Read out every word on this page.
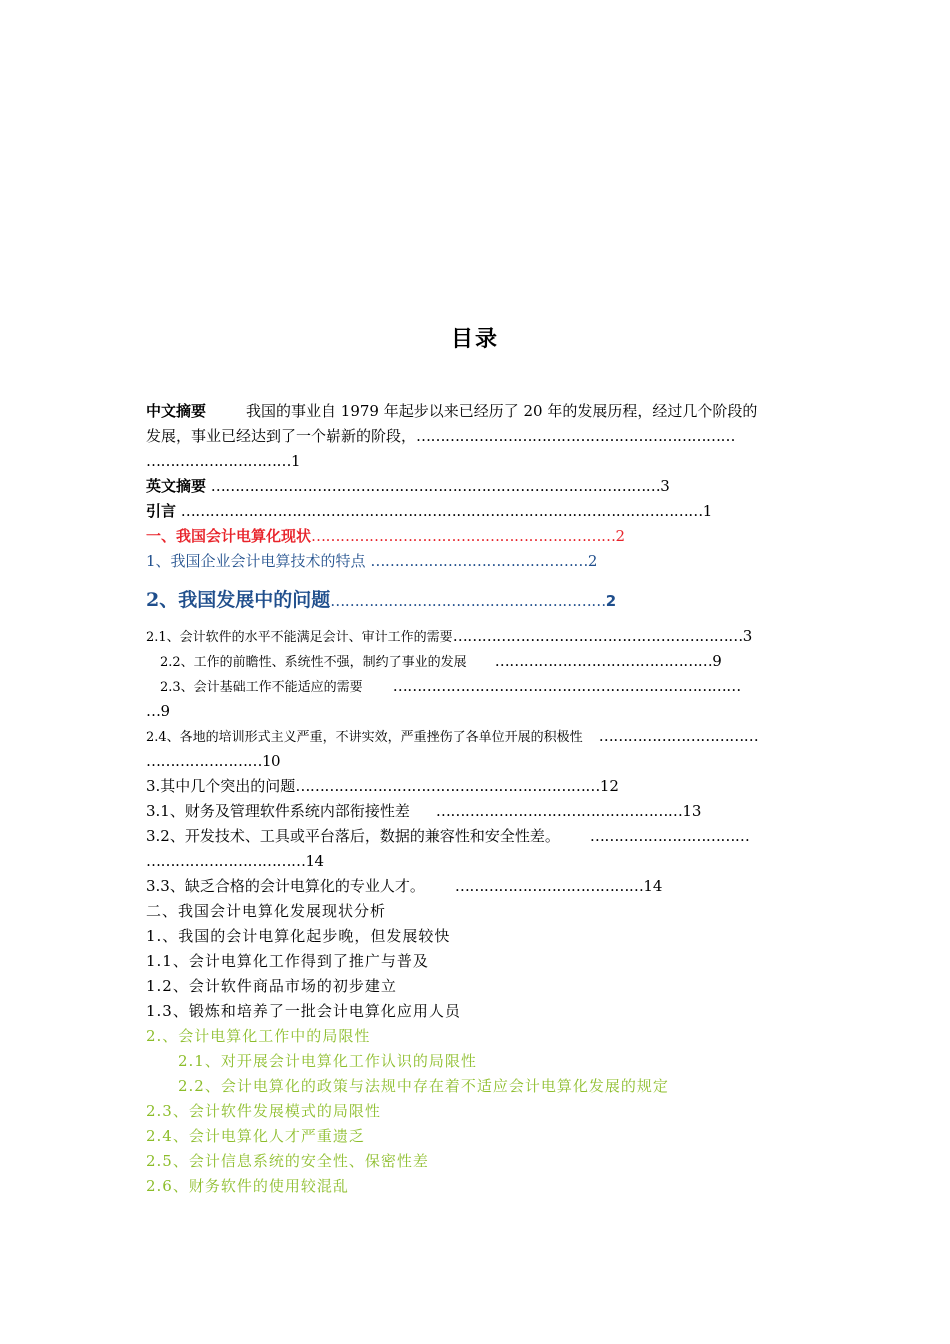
目录
中文摘要	我国的事业自 1979 年起步以来已经历了 20 年的发展历程，经过几个阶段的
发展，事业已经达到了一个崭新的阶段，…………………………………………………………
…………………………1
英文摘要 …………………………………………………………………………………3
引言 ………………………………………………………………………………………………1
一、我国会计电算化现状………………………………………………………2
1、我国企业会计电算技术的特点 ………………………………………2
2、我国发展中的问题…………………………………………………2
2.1、会计软件的水平不能满足会计、审计工作的需要……………………………………………………3
2.2、工作的前瞻性、系统性不强，制约了事业的发展 ………………………………………9
2.3、会计基础工作不能适应的需要 ………………………………………………………………
…9
2.4、各地的培训形式主义严重，不讲实效，严重挫伤了各单位开展的积极性 ……………………………
……………………10
3.其中几个突出的问题………………………………………………………12
3.1、财务及管理软件系统内部衔接性差 ……………………………………………13
3.2、开发技术、工具或平台落后，数据的兼容性和安全性差。 ……………………………
……………………………14
3.3、缺乏合格的会计电算化的专业人才。 …………………………………14
二、我国会计电算化发展现状分析
1.、我国的会计电算化起步晚，但发展较快
1.1、会计电算化工作得到了推广与普及
1.2、会计软件商品市场的初步建立
1.3、锻炼和培养了一批会计电算化应用人员
2.、会计电算化工作中的局限性
2.1、对开展会计电算化工作认识的局限性
2.2、会计电算化的政策与法规中存在着不适应会计电算化发展的规定
2.3、会计软件发展模式的局限性
2.4、会计电算化人才严重遗乏
2.5、会计信息系统的安全性、保密性差
2.6、财务软件的使用较混乱
